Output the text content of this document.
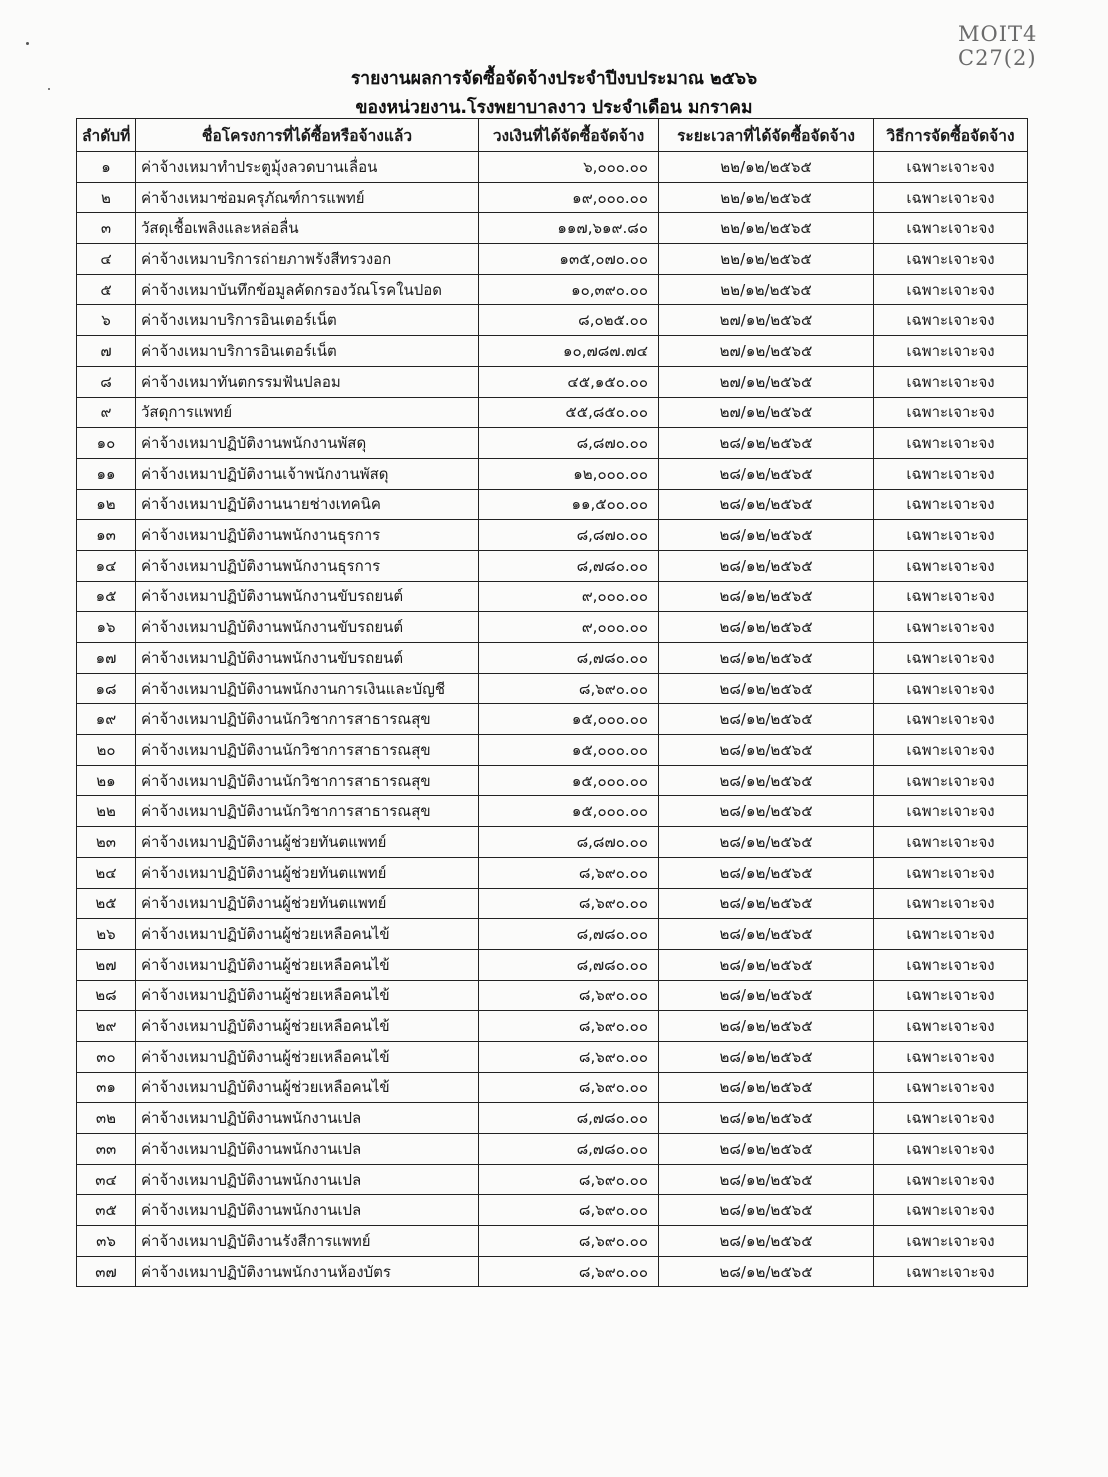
MOIT4 C27(2)
รายงานผลการจัดซื้อจัดจ้างประจำปีงบประมาณ ๒๕๖๖
ของหน่วยงาน.โรงพยาบาลงาว ประจำเดือน มกราคม
ลำดับที่	ชื่อโครงการที่ได้ซื้อหรือจ้างแล้ว	วงเงินที่ได้จัดซื้อจัดจ้าง	ระยะเวลาที่ได้จัดซื้อจัดจ้าง	วิธีการจัดซื้อจัดจ้าง
๑	ค่าจ้างเหมาทำประตูมุ้งลวดบานเลื่อน	๖,๐๐๐.๐๐	๒๒/๑๒/๒๕๖๕	เฉพาะเจาะจง
๒	ค่าจ้างเหมาซ่อมครุภัณฑ์การแพทย์	๑๙,๐๐๐.๐๐	๒๒/๑๒/๒๕๖๕	เฉพาะเจาะจง
๓	วัสดุเชื้อเพลิงและหล่อลื่น	๑๑๗,๖๑๙.๘๐	๒๒/๑๒/๒๕๖๕	เฉพาะเจาะจง
๔	ค่าจ้างเหมาบริการถ่ายภาพรังสีทรวงอก	๑๓๕,๐๗๐.๐๐	๒๒/๑๒/๒๕๖๕	เฉพาะเจาะจง
๕	ค่าจ้างเหมาบันทึกข้อมูลคัดกรองวัณโรคในปอด	๑๐,๓๙๐.๐๐	๒๒/๑๒/๒๕๖๕	เฉพาะเจาะจง
๖	ค่าจ้างเหมาบริการอินเตอร์เน็ต	๘,๐๒๕.๐๐	๒๗/๑๒/๒๕๖๕	เฉพาะเจาะจง
๗	ค่าจ้างเหมาบริการอินเตอร์เน็ต	๑๐,๗๘๗.๗๔	๒๗/๑๒/๒๕๖๕	เฉพาะเจาะจง
๘	ค่าจ้างเหมาทันตกรรมฟันปลอม	๔๕,๑๕๐.๐๐	๒๗/๑๒/๒๕๖๕	เฉพาะเจาะจง
๙	วัสดุการแพทย์	๕๕,๘๕๐.๐๐	๒๗/๑๒/๒๕๖๕	เฉพาะเจาะจง
๑๐	ค่าจ้างเหมาปฏิบัติงานพนักงานพัสดุ	๘,๘๗๐.๐๐	๒๘/๑๒/๒๕๖๕	เฉพาะเจาะจง
๑๑	ค่าจ้างเหมาปฏิบัติงานเจ้าพนักงานพัสดุ	๑๒,๐๐๐.๐๐	๒๘/๑๒/๒๕๖๕	เฉพาะเจาะจง
๑๒	ค่าจ้างเหมาปฏิบัติงานนายช่างเทคนิค	๑๑,๕๐๐.๐๐	๒๘/๑๒/๒๕๖๕	เฉพาะเจาะจง
๑๓	ค่าจ้างเหมาปฏิบัติงานพนักงานธุรการ	๘,๘๗๐.๐๐	๒๘/๑๒/๒๕๖๕	เฉพาะเจาะจง
๑๔	ค่าจ้างเหมาปฏิบัติงานพนักงานธุรการ	๘,๗๘๐.๐๐	๒๘/๑๒/๒๕๖๕	เฉพาะเจาะจง
๑๕	ค่าจ้างเหมาปฏิบัติงานพนักงานขับรถยนต์	๙,๐๐๐.๐๐	๒๘/๑๒/๒๕๖๕	เฉพาะเจาะจง
๑๖	ค่าจ้างเหมาปฏิบัติงานพนักงานขับรถยนต์	๙,๐๐๐.๐๐	๒๘/๑๒/๒๕๖๕	เฉพาะเจาะจง
๑๗	ค่าจ้างเหมาปฏิบัติงานพนักงานขับรถยนต์	๘,๗๘๐.๐๐	๒๘/๑๒/๒๕๖๕	เฉพาะเจาะจง
๑๘	ค่าจ้างเหมาปฏิบัติงานพนักงานการเงินและบัญชี	๘,๖๙๐.๐๐	๒๘/๑๒/๒๕๖๕	เฉพาะเจาะจง
๑๙	ค่าจ้างเหมาปฏิบัติงานนักวิชาการสาธารณสุข	๑๕,๐๐๐.๐๐	๒๘/๑๒/๒๕๖๕	เฉพาะเจาะจง
๒๐	ค่าจ้างเหมาปฏิบัติงานนักวิชาการสาธารณสุข	๑๕,๐๐๐.๐๐	๒๘/๑๒/๒๕๖๕	เฉพาะเจาะจง
๒๑	ค่าจ้างเหมาปฏิบัติงานนักวิชาการสาธารณสุข	๑๕,๐๐๐.๐๐	๒๘/๑๒/๒๕๖๕	เฉพาะเจาะจง
๒๒	ค่าจ้างเหมาปฏิบัติงานนักวิชาการสาธารณสุข	๑๕,๐๐๐.๐๐	๒๘/๑๒/๒๕๖๕	เฉพาะเจาะจง
๒๓	ค่าจ้างเหมาปฏิบัติงานผู้ช่วยทันตแพทย์	๘,๘๗๐.๐๐	๒๘/๑๒/๒๕๖๕	เฉพาะเจาะจง
๒๔	ค่าจ้างเหมาปฏิบัติงานผู้ช่วยทันตแพทย์	๘,๖๙๐.๐๐	๒๘/๑๒/๒๕๖๕	เฉพาะเจาะจง
๒๕	ค่าจ้างเหมาปฏิบัติงานผู้ช่วยทันตแพทย์	๘,๖๙๐.๐๐	๒๘/๑๒/๒๕๖๕	เฉพาะเจาะจง
๒๖	ค่าจ้างเหมาปฏิบัติงานผู้ช่วยเหลือคนไข้	๘,๗๘๐.๐๐	๒๘/๑๒/๒๕๖๕	เฉพาะเจาะจง
๒๗	ค่าจ้างเหมาปฏิบัติงานผู้ช่วยเหลือคนไข้	๘,๗๘๐.๐๐	๒๘/๑๒/๒๕๖๕	เฉพาะเจาะจง
๒๘	ค่าจ้างเหมาปฏิบัติงานผู้ช่วยเหลือคนไข้	๘,๖๙๐.๐๐	๒๘/๑๒/๒๕๖๕	เฉพาะเจาะจง
๒๙	ค่าจ้างเหมาปฏิบัติงานผู้ช่วยเหลือคนไข้	๘,๖๙๐.๐๐	๒๘/๑๒/๒๕๖๕	เฉพาะเจาะจง
๓๐	ค่าจ้างเหมาปฏิบัติงานผู้ช่วยเหลือคนไข้	๘,๖๙๐.๐๐	๒๘/๑๒/๒๕๖๕	เฉพาะเจาะจง
๓๑	ค่าจ้างเหมาปฏิบัติงานผู้ช่วยเหลือคนไข้	๘,๖๙๐.๐๐	๒๘/๑๒/๒๕๖๕	เฉพาะเจาะจง
๓๒	ค่าจ้างเหมาปฏิบัติงานพนักงานเปล	๘,๗๘๐.๐๐	๒๘/๑๒/๒๕๖๕	เฉพาะเจาะจง
๓๓	ค่าจ้างเหมาปฏิบัติงานพนักงานเปล	๘,๗๘๐.๐๐	๒๘/๑๒/๒๕๖๕	เฉพาะเจาะจง
๓๔	ค่าจ้างเหมาปฏิบัติงานพนักงานเปล	๘,๖๙๐.๐๐	๒๘/๑๒/๒๕๖๕	เฉพาะเจาะจง
๓๕	ค่าจ้างเหมาปฏิบัติงานพนักงานเปล	๘,๖๙๐.๐๐	๒๘/๑๒/๒๕๖๕	เฉพาะเจาะจง
๓๖	ค่าจ้างเหมาปฏิบัติงานรังสีการแพทย์	๘,๖๙๐.๐๐	๒๘/๑๒/๒๕๖๕	เฉพาะเจาะจง
๓๗	ค่าจ้างเหมาปฏิบัติงานพนักงานห้องบัตร	๘,๖๙๐.๐๐	๒๘/๑๒/๒๕๖๕	เฉพาะเจาะจง
